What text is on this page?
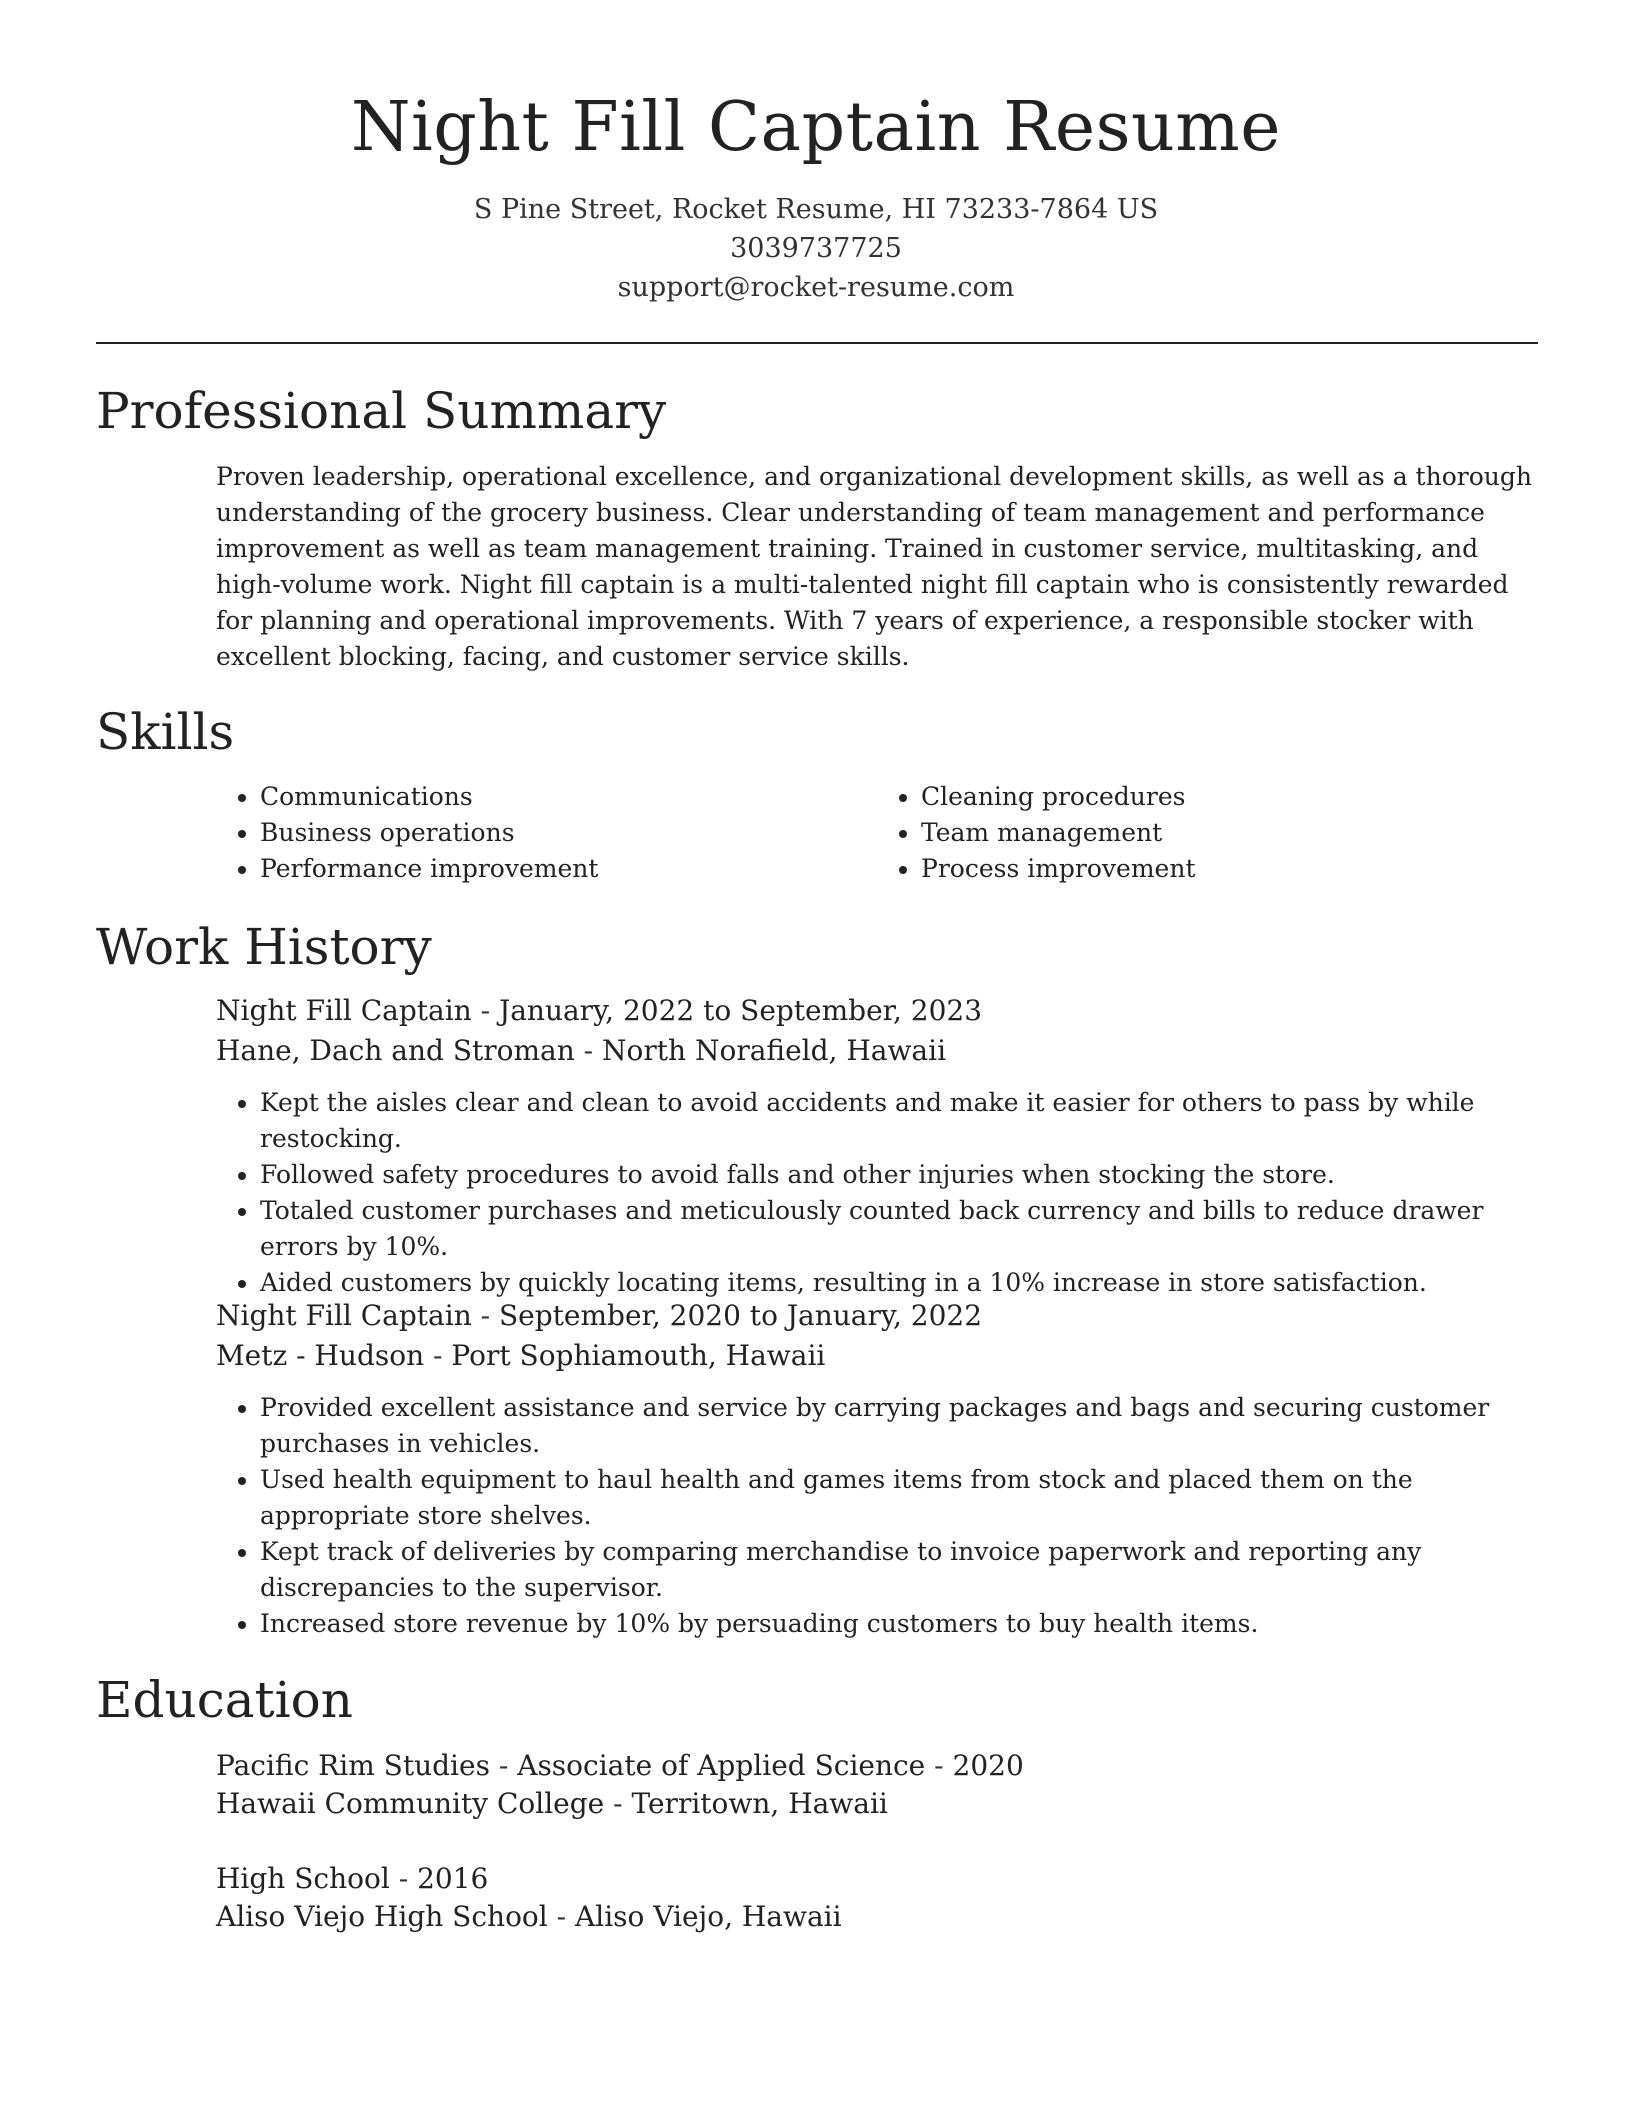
Night Fill Captain Resume
S Pine Street, Rocket Resume, HI 73233-7864 US
3039737725
support@rocket-resume.com
Professional Summary

Proven leadership, operational excellence, and organizational development skills, as well as a thorough understanding of the grocery business. Clear understanding of team management and performance improvement as well as team management training. Trained in customer service, multitasking, and high-volume work. Night fill captain is a multi-talented night fill captain who is consistently rewarded for planning and operational improvements. With 7 years of experience, a responsible stocker with excellent blocking, facing, and customer service skills.

Skills
• Communications
• Business operations
• Performance improvement
• Cleaning procedures
• Team management
• Process improvement
Work History

Night Fill Captain - January, 2022 to September, 2023

Hane, Dach and Stroman - North Norafield, Hawaii

• Kept the aisles clear and clean to avoid accidents and make it easier for others to pass by while restocking.
• Followed safety procedures to avoid falls and other injuries when stocking the store.
• Totaled customer purchases and meticulously counted back currency and bills to reduce drawer errors by 10%.
• Aided customers by quickly locating items, resulting in a 10% increase in store satisfaction.

Night Fill Captain - September, 2020 to January, 2022

Metz - Hudson - Port Sophiamouth, Hawaii

• Provided excellent assistance and service by carrying packages and bags and securing customer purchases in vehicles.
• Used health equipment to haul health and games items from stock and placed them on the appropriate store shelves.
• Kept track of deliveries by comparing merchandise to invoice paperwork and reporting any discrepancies to the supervisor.
• Increased store revenue by 10% by persuading customers to buy health items.
Education

Pacific Rim Studies - Associate of Applied Science - 2020

Hawaii Community College - Territown, Hawaii

High School - 2016

Aliso Viejo High School - Aliso Viejo, Hawaii
